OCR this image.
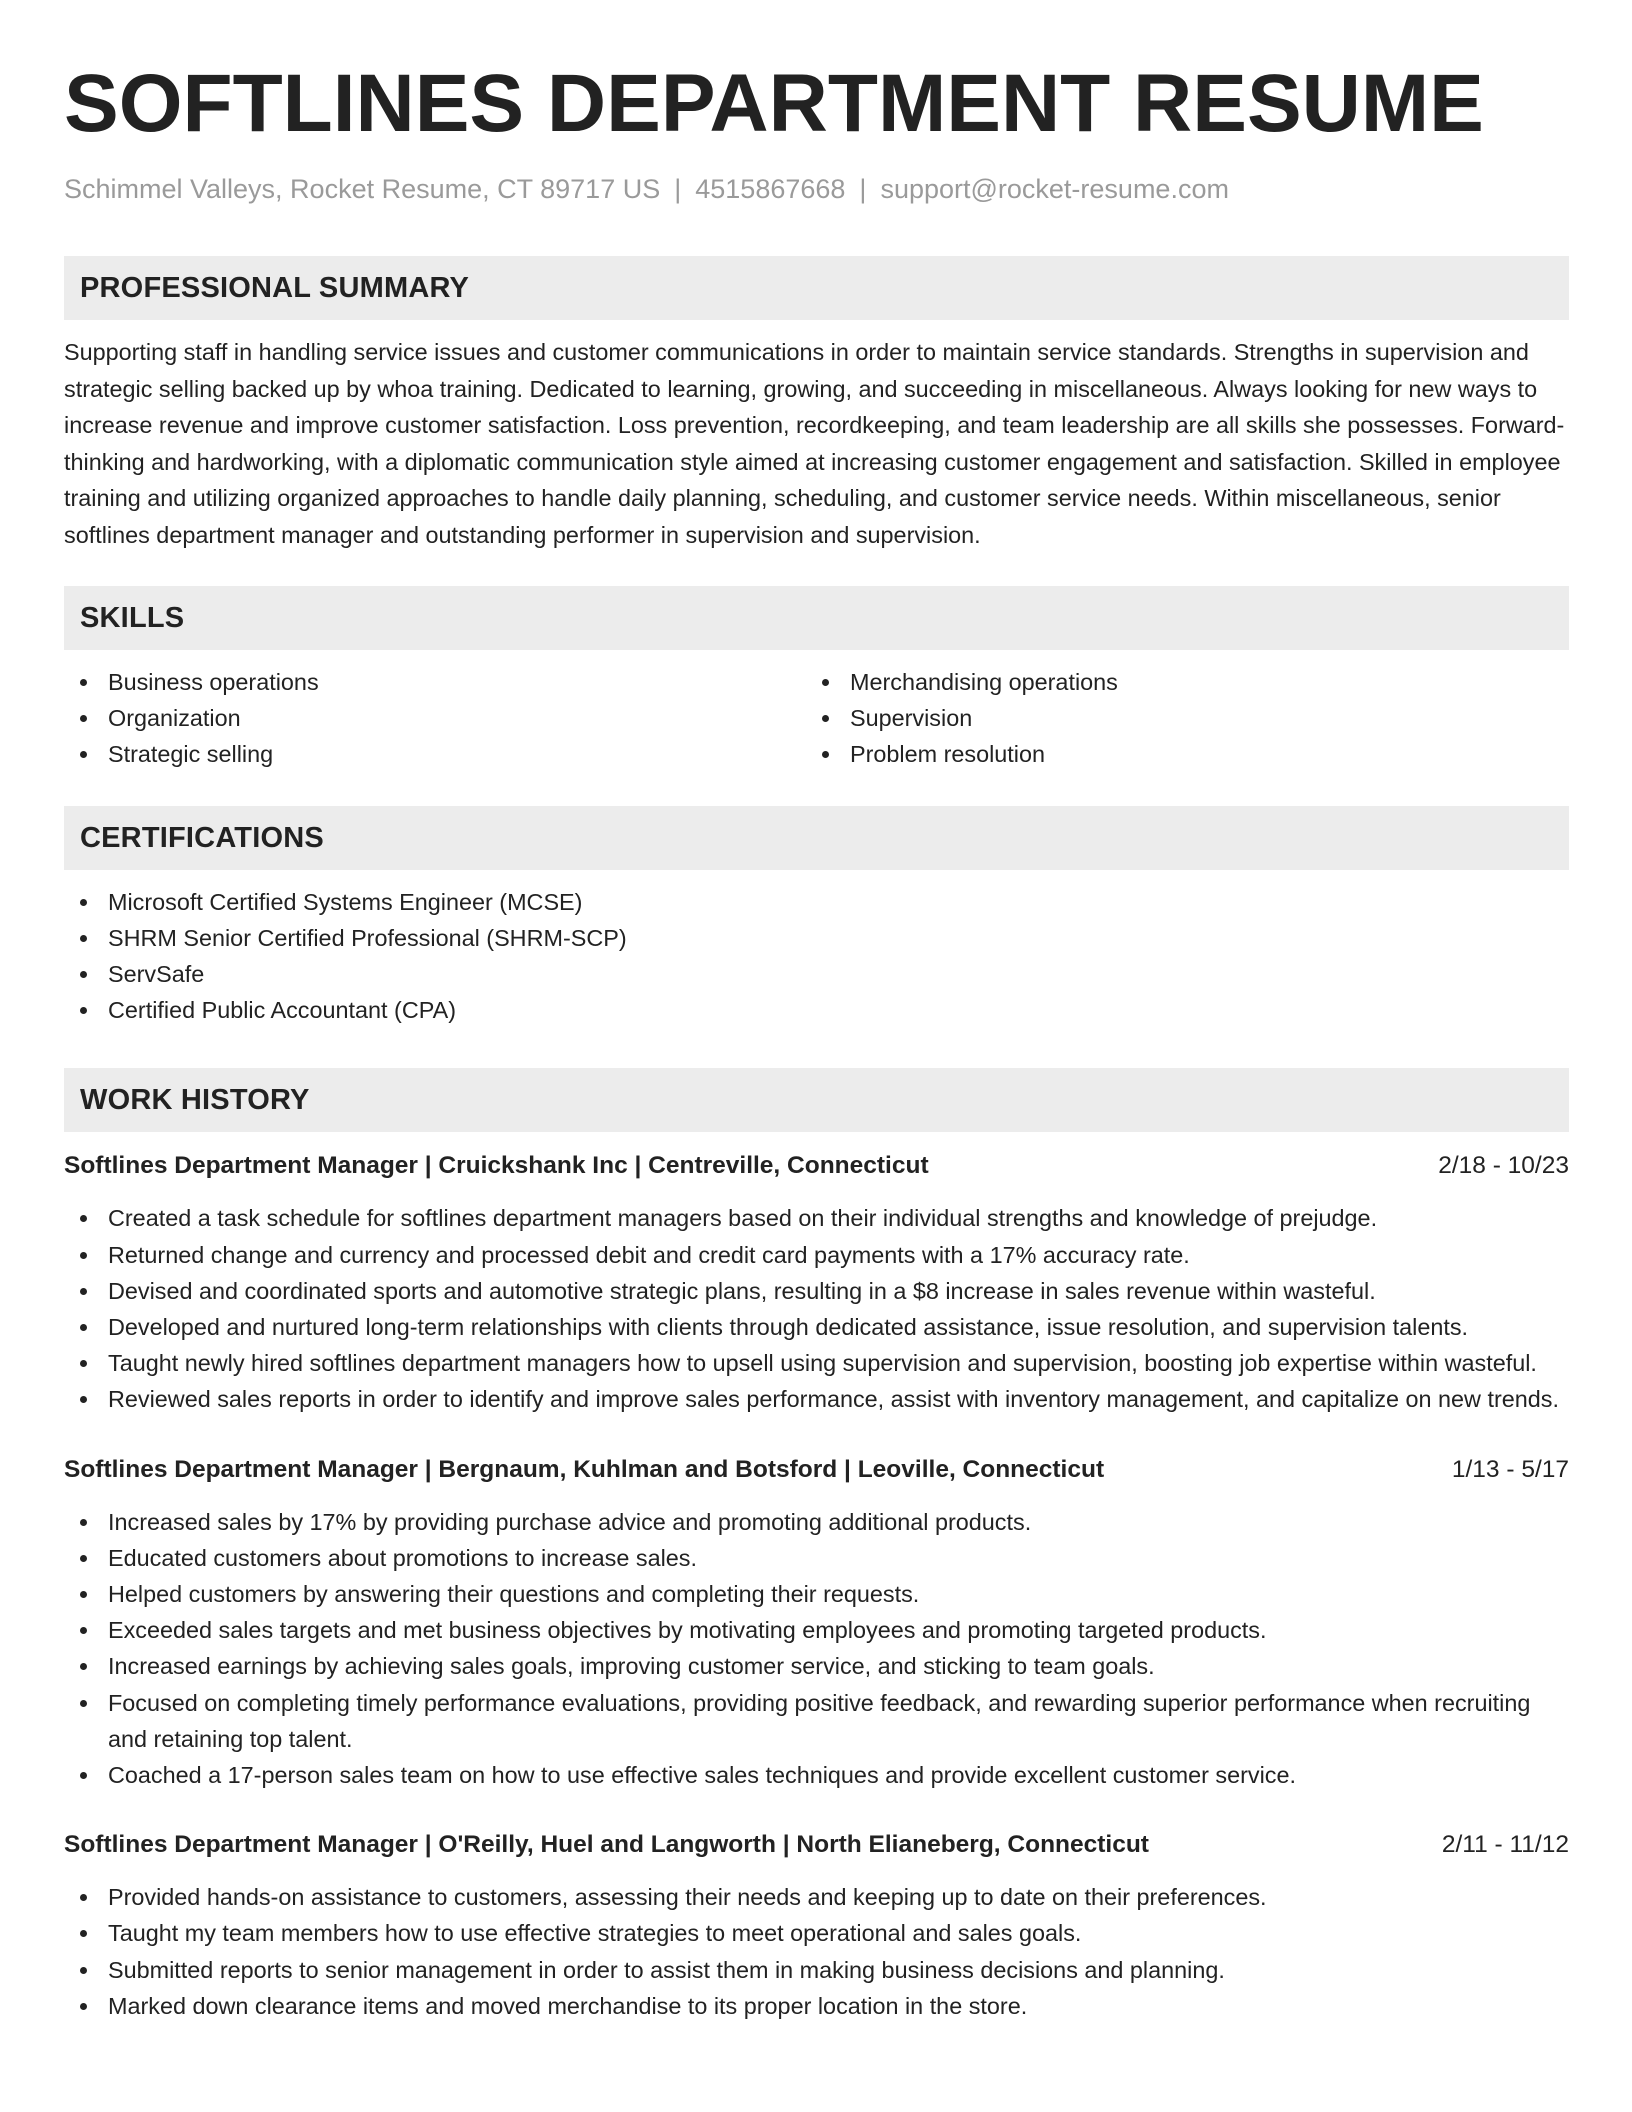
SOFTLINES DEPARTMENT RESUME
Schimmel Valleys, Rocket Resume, CT 89717 US | 4515867668 | support@rocket-resume.com
PROFESSIONAL SUMMARY

Supporting staff in handling service issues and customer communications in order to maintain service standards. Strengths in supervision and strategic selling backed up by whoa training. Dedicated to learning, growing, and succeeding in miscellaneous. Always looking for new ways to increase revenue and improve customer satisfaction. Loss prevention, recordkeeping, and team leadership are all skills she possesses. Forward-thinking and hardworking, with a diplomatic communication style aimed at increasing customer engagement and satisfaction. Skilled in employee training and utilizing organized approaches to handle daily planning, scheduling, and customer service needs. Within miscellaneous, senior softlines department manager and outstanding performer in supervision and supervision.

SKILLS
Business operations
Organization
Strategic selling
Merchandising operations
Supervision
Problem resolution
CERTIFICATIONS
Microsoft Certified Systems Engineer (MCSE)
SHRM Senior Certified Professional (SHRM-SCP)
ServSafe
Certified Public Accountant (CPA)
WORK HISTORY
Softlines Department Manager | Cruickshank Inc | Centreville, Connecticut	2/18 - 10/23
Created a task schedule for softlines department managers based on their individual strengths and knowledge of prejudge.
Returned change and currency and processed debit and credit card payments with a 17% accuracy rate.
Devised and coordinated sports and automotive strategic plans, resulting in a $8 increase in sales revenue within wasteful.
Developed and nurtured long-term relationships with clients through dedicated assistance, issue resolution, and supervision talents.
Taught newly hired softlines department managers how to upsell using supervision and supervision, boosting job expertise within wasteful.
Reviewed sales reports in order to identify and improve sales performance, assist with inventory management, and capitalize on new trends.
Softlines Department Manager | Bergnaum, Kuhlman and Botsford | Leoville, Connecticut	1/13 - 5/17
Increased sales by 17% by providing purchase advice and promoting additional products.
Educated customers about promotions to increase sales.
Helped customers by answering their questions and completing their requests.
Exceeded sales targets and met business objectives by motivating employees and promoting targeted products.
Increased earnings by achieving sales goals, improving customer service, and sticking to team goals.
Focused on completing timely performance evaluations, providing positive feedback, and rewarding superior performance when recruiting and retaining top talent.
Coached a 17-person sales team on how to use effective sales techniques and provide excellent customer service.
Softlines Department Manager | O'Reilly, Huel and Langworth | North Elianeberg, Connecticut	2/11 - 11/12
Provided hands-on assistance to customers, assessing their needs and keeping up to date on their preferences.
Taught my team members how to use effective strategies to meet operational and sales goals.
Submitted reports to senior management in order to assist them in making business decisions and planning.
Marked down clearance items and moved merchandise to its proper location in the store.
